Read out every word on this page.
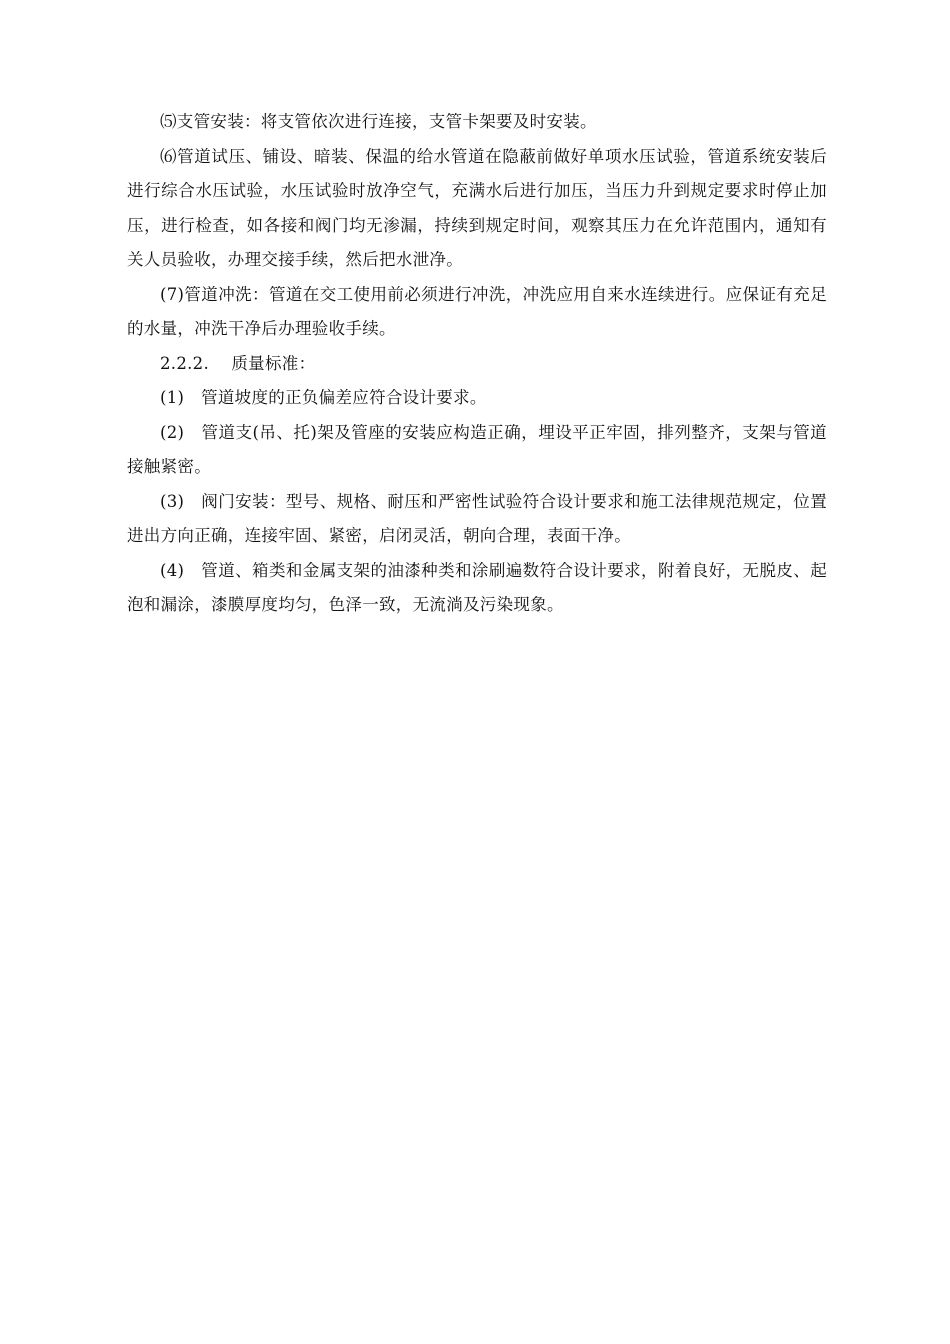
⑸支管安装：将支管依次进行连接，支管卡架要及时安装。

⑹管道试压、铺设、暗装、保温的给水管道在隐蔽前做好单项水压试验，管道系统安装后进行综合水压试验，水压试验时放净空气，充满水后进行加压，当压力升到规定要求时停止加压，进行检查，如各接和阀门均无渗漏，持续到规定时间，观察其压力在允许范围内，通知有关人员验收，办理交接手续，然后把水泄净。

(7)管道冲洗：管道在交工使用前必须进行冲洗，冲洗应用自来水连续进行。应保证有充足的水量，冲洗干净后办理验收手续。

2.2.2.　 质量标准：

(1)　管道坡度的正负偏差应符合设计要求。

(2)　管道支(吊、托)架及管座的安装应构造正确，埋设平正牢固，排列整齐，支架与管道接触紧密。

(3)　阀门安装：型号、规格、耐压和严密性试验符合设计要求和施工法律规范规定，位置进出方向正确，连接牢固、紧密，启闭灵活，朝向合理，表面干净。

(4)　管道、箱类和金属支架的油漆种类和涂刷遍数符合设计要求，附着良好，无脱皮、起泡和漏涂，漆膜厚度均匀，色泽一致，无流淌及污染现象。
